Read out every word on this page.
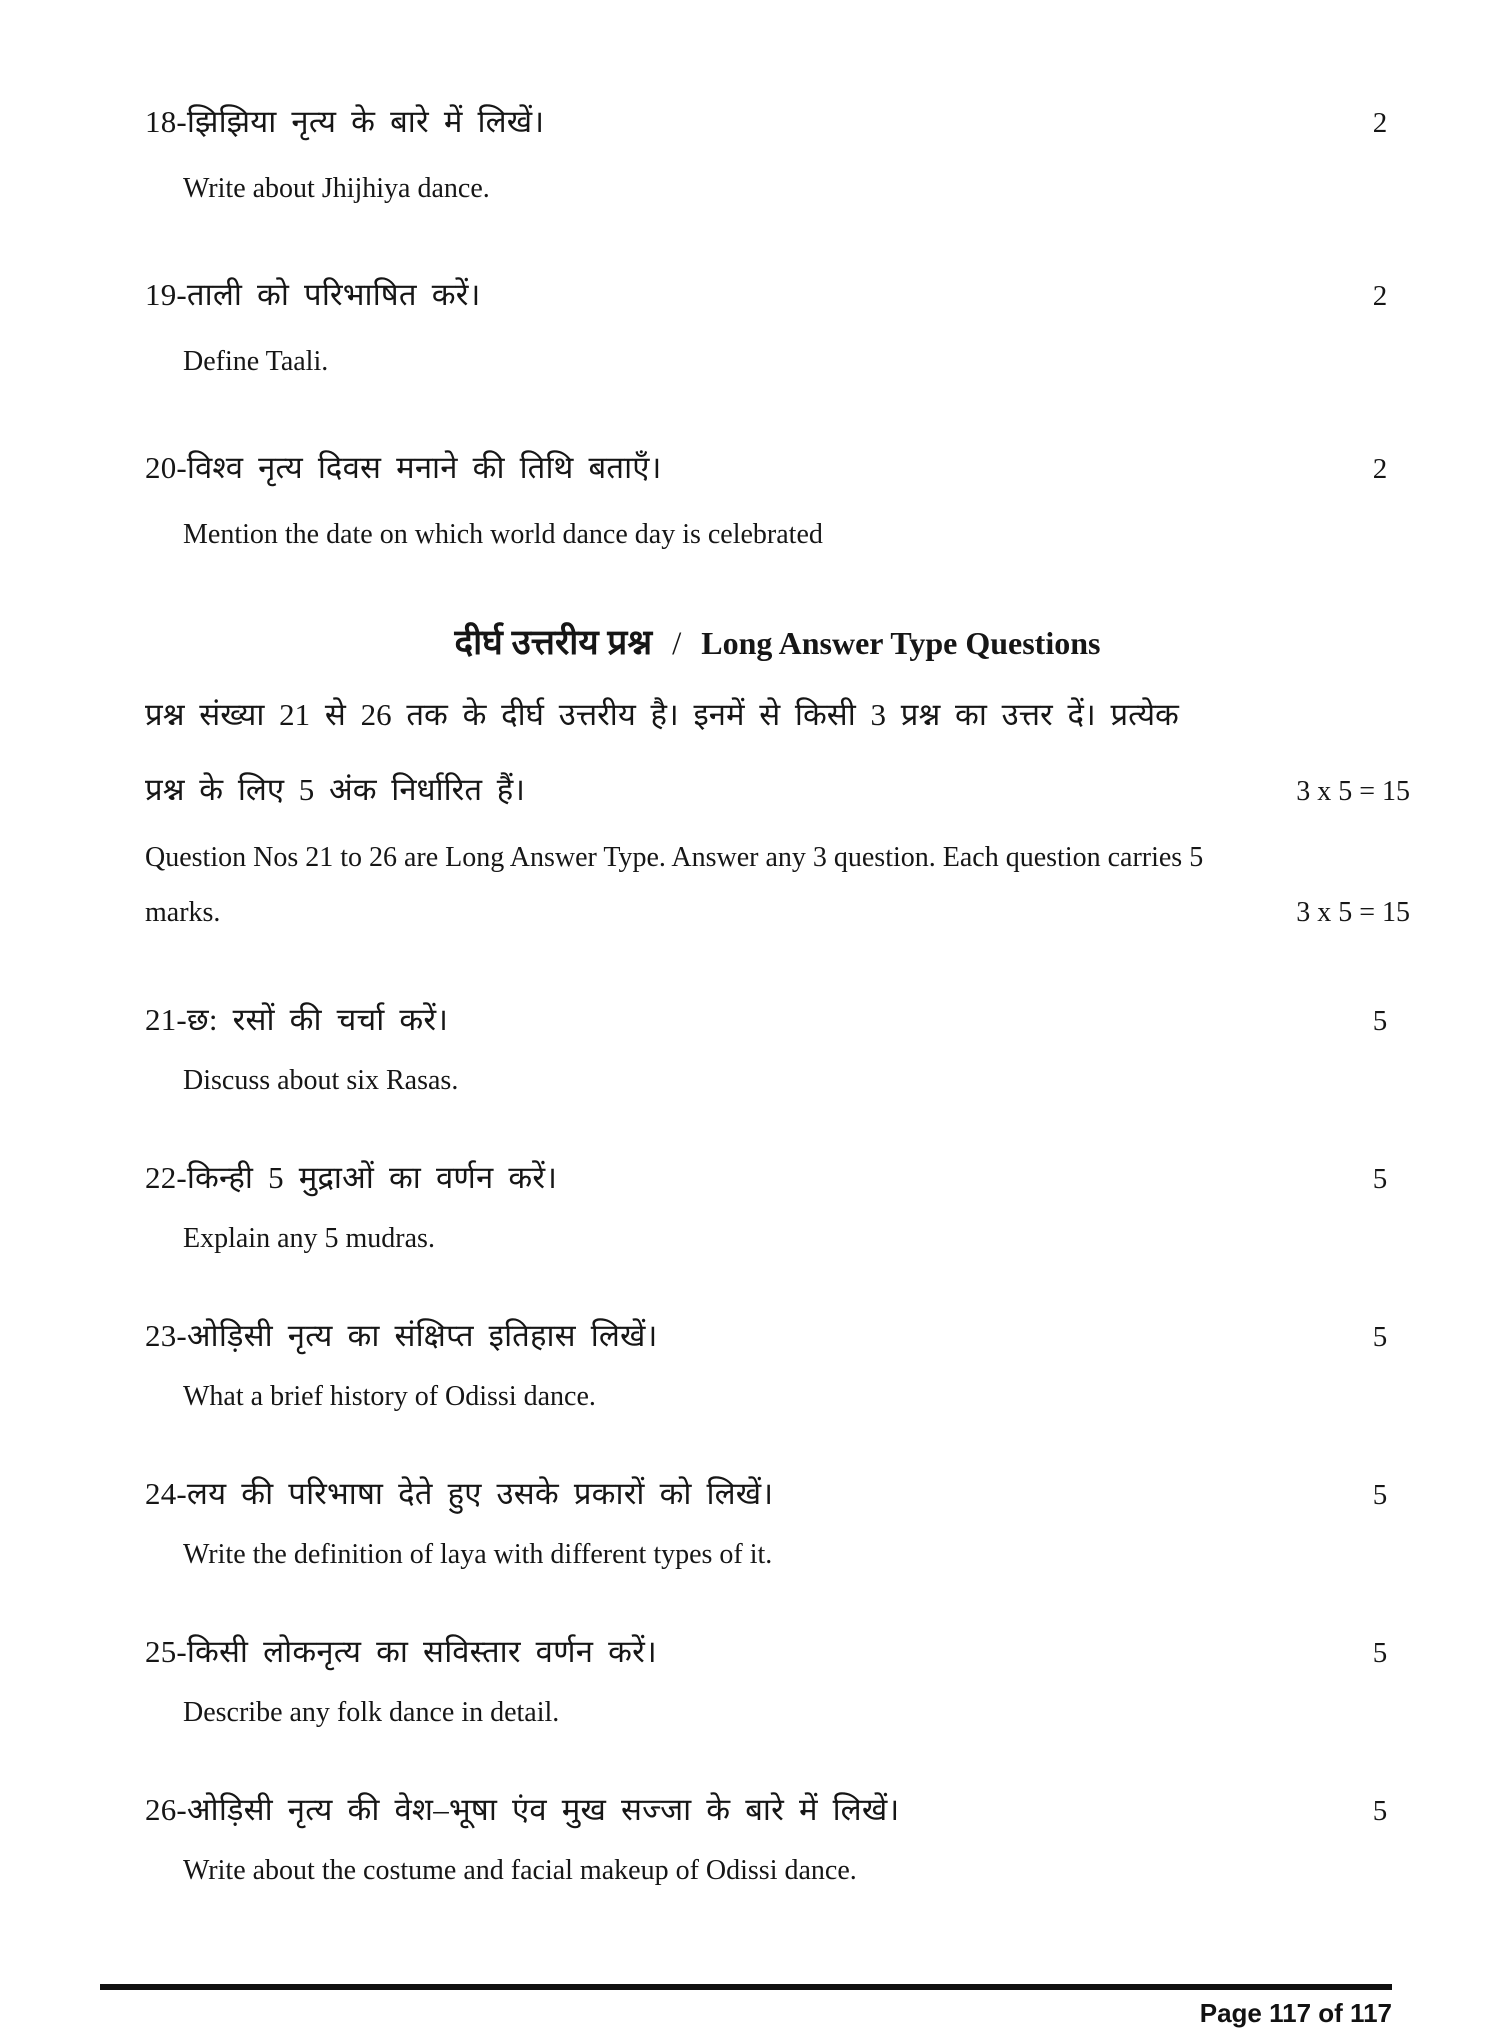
18-झिझिया नृत्य के बारे में लिखें।	2
Write about Jhijhiya dance.
19-ताली को परिभाषित करें।	2
Define Taali.
20-विश्व नृत्य दिवस मनाने की तिथि बताएँ।	2
Mention the date on which world dance day is celebrated
दीर्घ उत्तरीय प्रश्न / Long Answer Type Questions
प्रश्न संख्या 21 से 26 तक के दीर्घ उत्तरीय है। इनमें से किसी 3 प्रश्न का उत्तर दें। प्रत्येक
प्रश्न के लिए 5 अंक निर्धारित हैं।	3 x 5 = 15
Question Nos 21 to 26 are Long Answer Type. Answer any 3 question. Each question carries 5
marks.	3 x 5 = 15
21-छ: रसों की चर्चा करें।	5
Discuss about six Rasas.
22-किन्ही 5 मुद्राओं का वर्णन करें।	5
Explain any 5 mudras.
23-ओड़िसी नृत्य का संक्षिप्त इतिहास लिखें।	5
What a brief history of Odissi dance.
24-लय की परिभाषा देते हुए उसके प्रकारों को लिखें।	5
Write the definition of laya with different types of it.
25-किसी लोकनृत्य का सविस्तार वर्णन करें।	5
Describe any folk dance in detail.
26-ओड़िसी नृत्य की वेश–भूषा एंव मुख सज्जा के बारे में लिखें।	5
Write about the costume and facial makeup of Odissi dance.
Page 117 of 117
